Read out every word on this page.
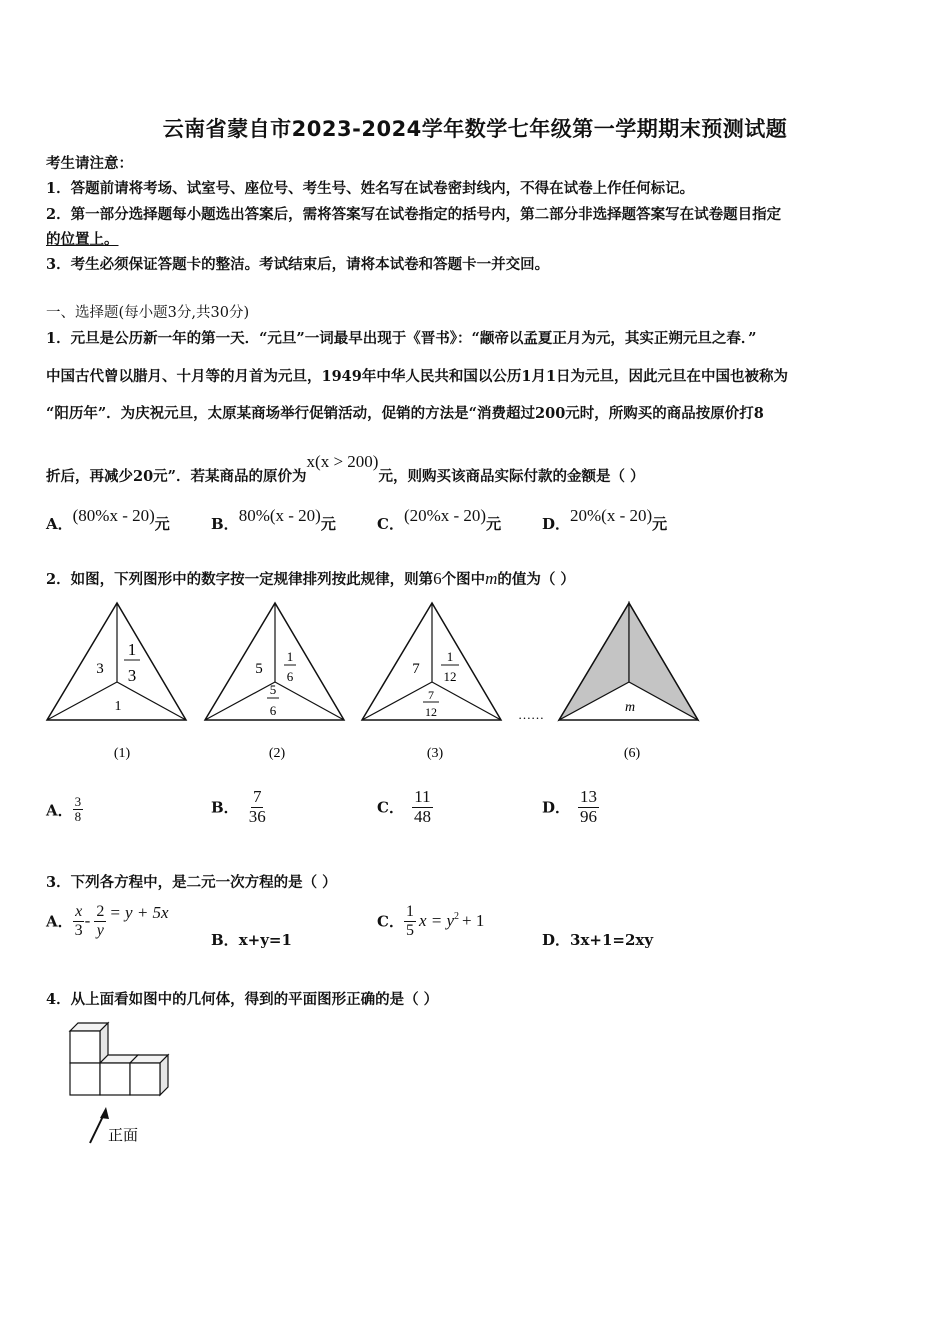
云南省蒙自市2023-2024学年数学七年级第一学期期末预测试题
考生请注意：
1．答题前请将考场、试室号、座位号、考生号、姓名写在试卷密封线内，不得在试卷上作任何标记。
2．第一部分选择题每小题选出答案后，需将答案写在试卷指定的括号内，第二部分非选择题答案写在试卷题目指定
的位置上。
3．考生必须保证答题卡的整洁。考试结束后，请将本试卷和答题卡一并交回。
一、选择题(每小题3分,共30分)
1．元旦是公历新一年的第一天．“元旦”一词最早出现于《晋书》：“颛帝以孟夏正月为元，其实正朔元旦之春．”
中国古代曾以腊月、十月等的月首为元旦，1949年中华人民共和国以公历1月1日为元旦，因此元旦在中国也被称为
“阳历年”．为庆祝元旦，太原某商场举行促销活动，促销的方法是“消费超过200元时，所购买的商品按原价打8
折后，再减少20元”．若某商品的原价为x(x > 200)元，则购买该商品实际付款的金额是（ ）
A．(80%x - 20)元	B．80%(x - 20)元	C．(20%x - 20)元	D．20%(x - 20)元
2．如图，下列图形中的数字按一定规律排列按此规律，则第6个图中m的值为（ ）
3
1
3
1
(1)
5
1
6
5
6
(2)
7
1
12
7
12
(3)
……	m
(6)
A． $\frac{3}{8}$	B． $\frac{7}{36}$	C． $\frac{11}{48}$	D． $\frac{13}{96}$
3．下列各方程中，是二元一次方程的是（ ）
A． $\frac{x}{3} - \frac{2}{y} = y + 5x$
B．x+y=1
C． $\frac{1}{5}$ $x = y^2 + 1$
D．3x+1=2xy
4．从上面看如图中的几何体，得到的平面图形正确的是（ ）
正面
